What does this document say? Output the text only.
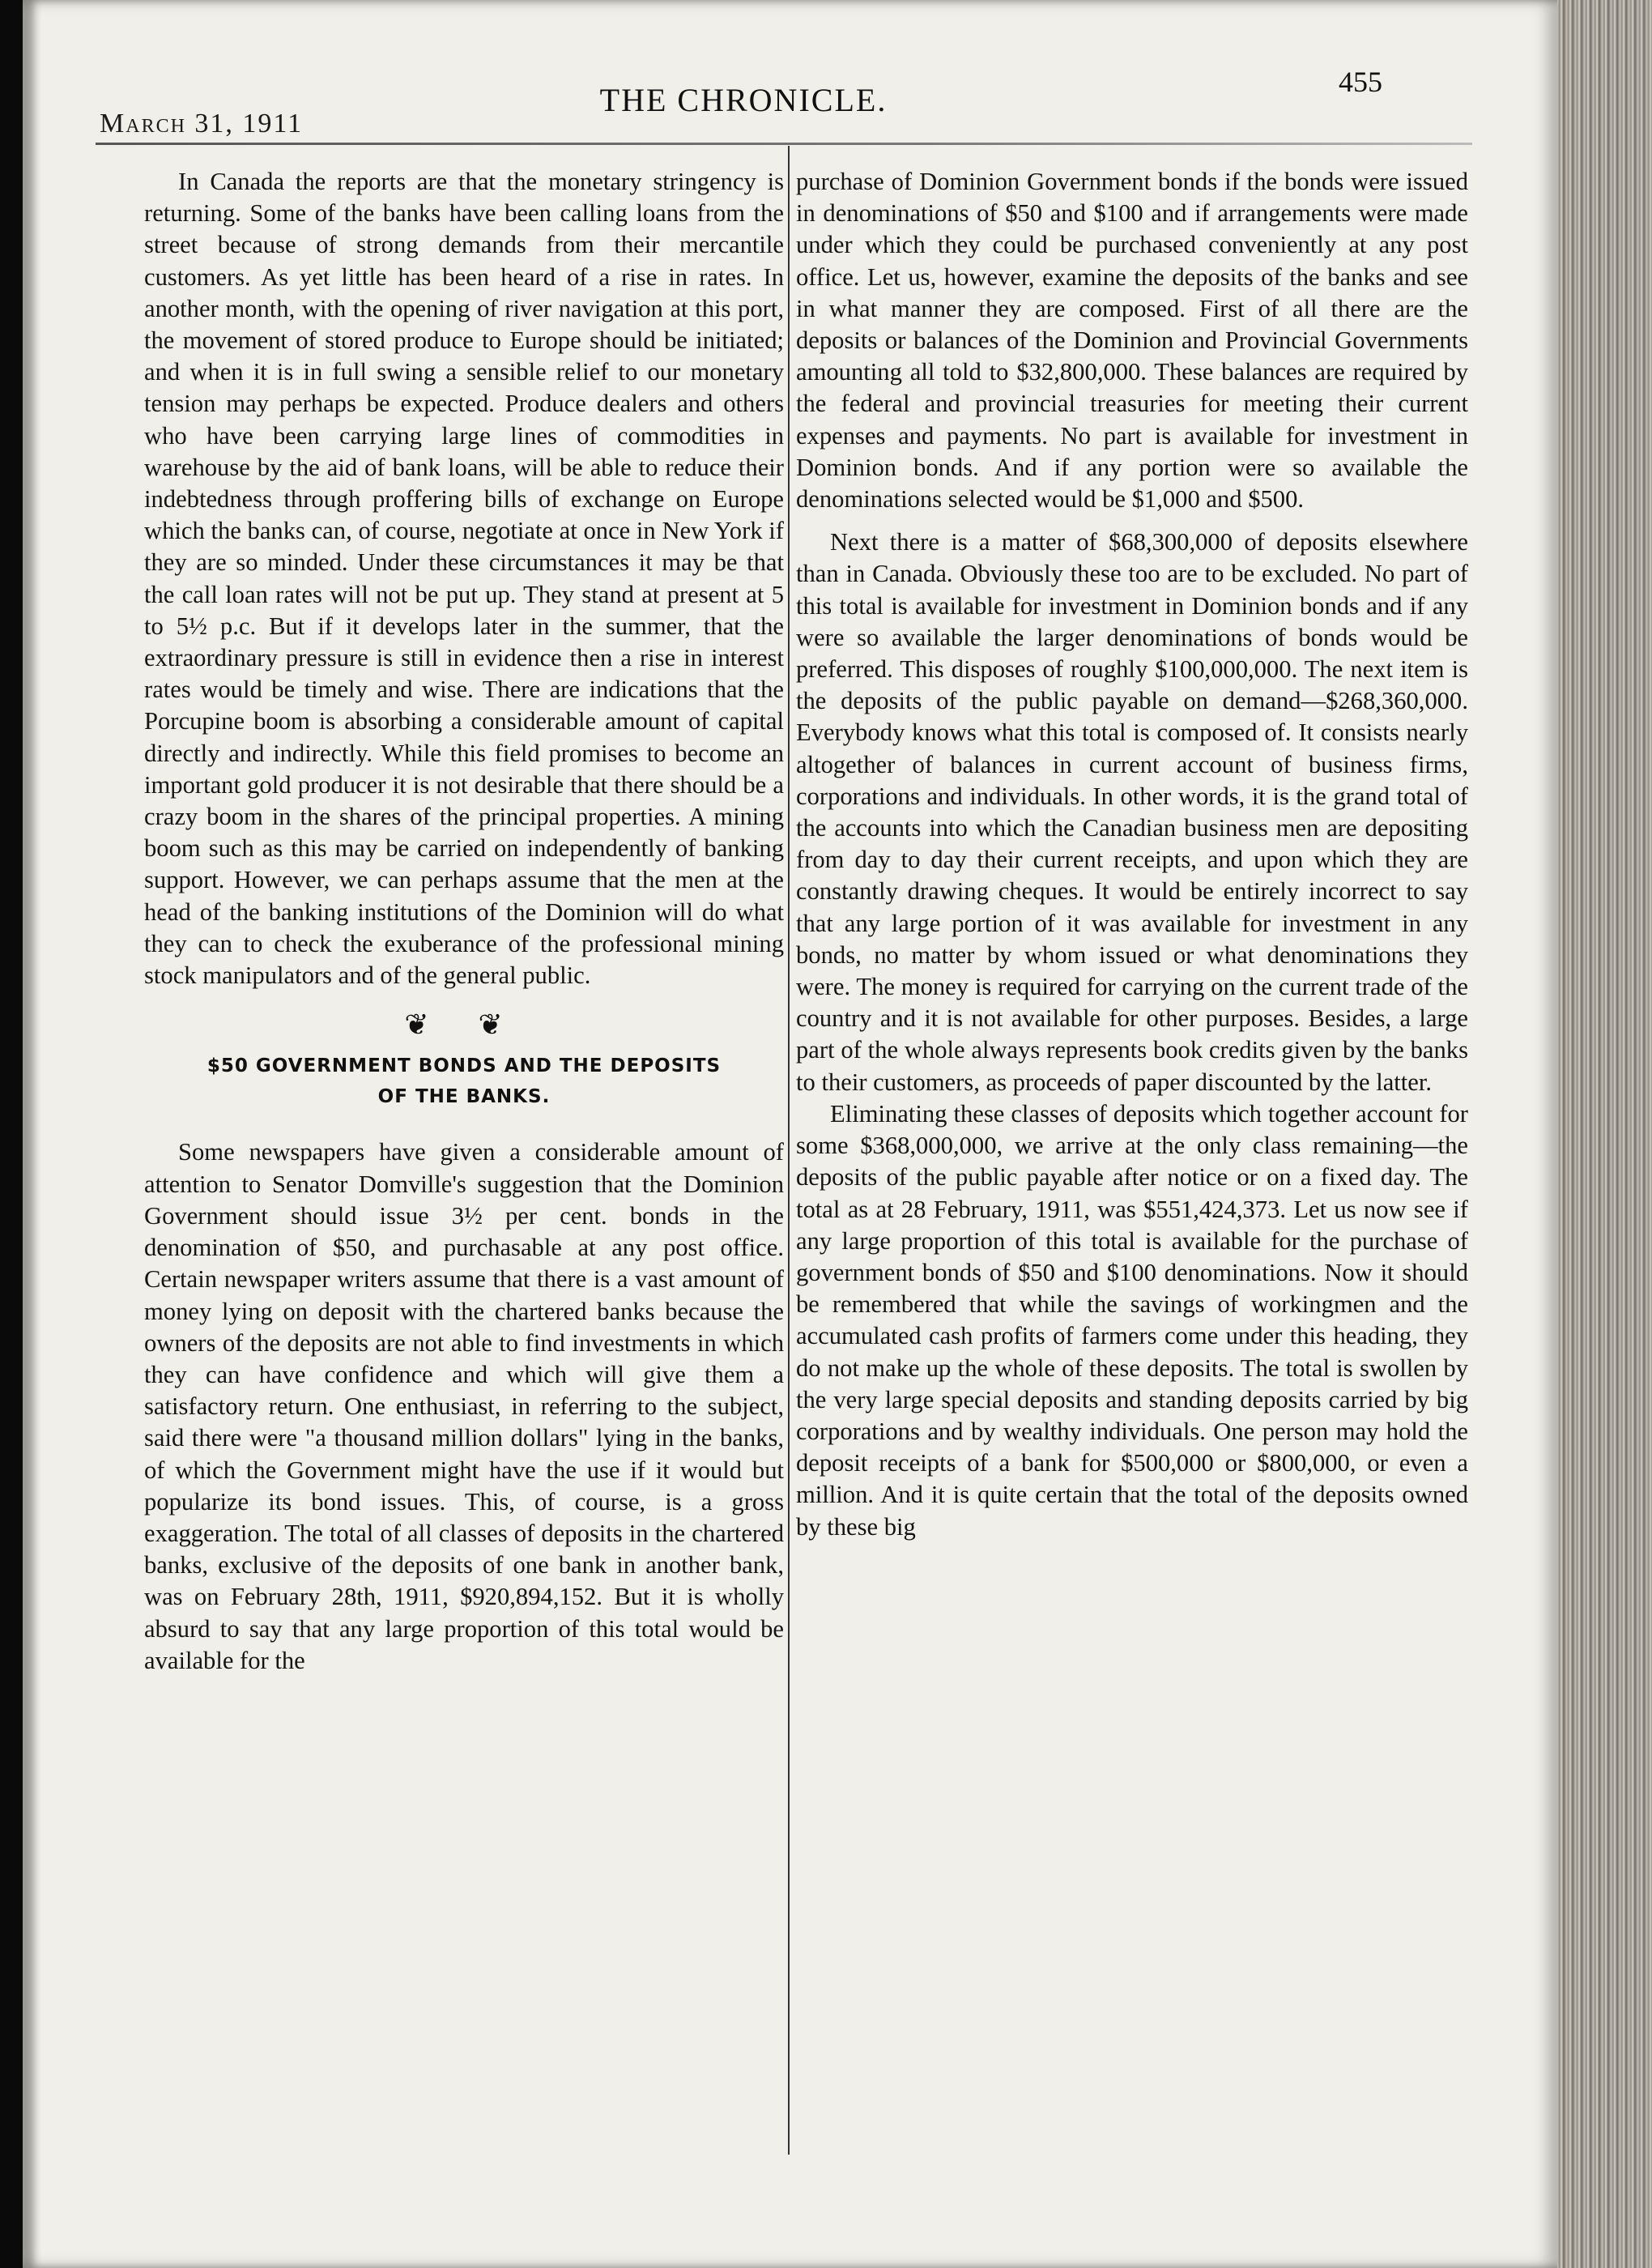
March 31, 1911
THE CHRONICLE.	455

In Canada the reports are that the monetary stringency is returning. Some of the banks have been calling loans from the street because of strong demands from their mercantile customers. As yet little has been heard of a rise in rates. In another month, with the opening of river navigation at this port, the movement of stored produce to Europe should be initiated; and when it is in full swing a sensible relief to our monetary tension may perhaps be expected. Produce dealers and others who have been carrying large lines of commodities in warehouse by the aid of bank loans, will be able to reduce their indebtedness through proffering bills of exchange on Europe which the banks can, of course, negotiate at once in New York if they are so minded. Under these circumstances it may be that the call loan rates will not be put up. They stand at present at 5 to 5½ p.c. But if it develops later in the summer, that the extraordinary pressure is still in evidence then a rise in interest rates would be timely and wise. There are indications that the Porcupine boom is absorbing a considerable amount of capital directly and indirectly. While this field promises to become an important gold producer it is not desirable that there should be a crazy boom in the shares of the principal properties. A mining boom such as this may be carried on independently of banking support. However, we can perhaps assume that the men at the head of the banking institutions of the Dominion will do what they can to check the exuberance of the professional mining stock manipulators and of the general public.

❦ ❦
$50 GOVERNMENT BONDS AND THE DEPOSITS
OF THE BANKS.

Some newspapers have given a considerable amount of attention to Senator Domville's suggestion that the Dominion Government should issue 3½ per cent. bonds in the denomination of $50, and purchasable at any post office. Certain newspaper writers assume that there is a vast amount of money lying on deposit with the chartered banks because the owners of the deposits are not able to find investments in which they can have confidence and which will give them a satisfactory return. One enthusiast, in referring to the subject, said there were "a thousand million dollars" lying in the banks, of which the Government might have the use if it would but popularize its bond issues. This, of course, is a gross exaggeration. The total of all classes of deposits in the chartered banks, exclusive of the deposits of one bank in another bank, was on February 28th, 1911, $920,894,152. But it is wholly absurd to say that any large proportion of this total would be available for the

purchase of Dominion Government bonds if the bonds were issued in denominations of $50 and $100 and if arrangements were made under which they could be purchased conveniently at any post office. Let us, however, examine the deposits of the banks and see in what manner they are composed. First of all there are the deposits or balances of the Dominion and Provincial Governments amounting all told to $32,800,000. These balances are required by the federal and provincial treasuries for meeting their current expenses and payments. No part is available for investment in Dominion bonds. And if any portion were so available the denominations selected would be $1,000 and $500.

Next there is a matter of $68,300,000 of deposits elsewhere than in Canada. Obviously these too are to be excluded. No part of this total is available for investment in Dominion bonds and if any were so available the larger denominations of bonds would be preferred. This disposes of roughly $100,000,000. The next item is the deposits of the public payable on demand—$268,360,000. Everybody knows what this total is composed of. It consists nearly altogether of balances in current account of business firms, corporations and individuals. In other words, it is the grand total of the accounts into which the Canadian business men are depositing from day to day their current receipts, and upon which they are constantly drawing cheques. It would be entirely incorrect to say that any large portion of it was available for investment in any bonds, no matter by whom issued or what denominations they were. The money is required for carrying on the current trade of the country and it is not available for other purposes. Besides, a large part of the whole always represents book credits given by the banks to their customers, as proceeds of paper discounted by the latter.

Eliminating these classes of deposits which together account for some $368,000,000, we arrive at the only class remaining—the deposits of the public payable after notice or on a fixed day. The total as at 28 February, 1911, was $551,424,373. Let us now see if any large proportion of this total is available for the purchase of government bonds of $50 and $100 denominations. Now it should be remembered that while the savings of workingmen and the accumulated cash profits of farmers come under this heading, they do not make up the whole of these deposits. The total is swollen by the very large special deposits and standing deposits carried by big corporations and by wealthy individuals. One person may hold the deposit receipts of a bank for $500,000 or $800,000, or even a million. And it is quite certain that the total of the deposits owned by these big
